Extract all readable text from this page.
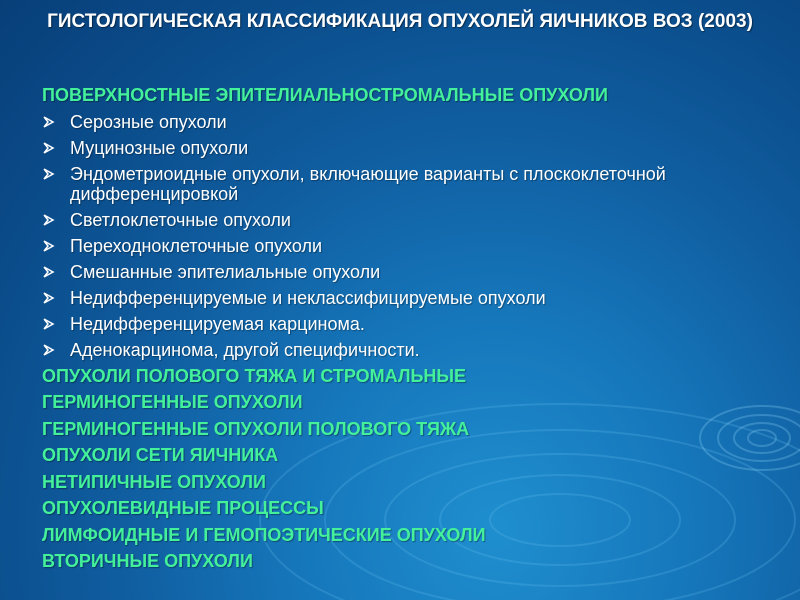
ГИСТОЛОГИЧЕСКАЯ КЛАССИФИКАЦИЯ ОПУХОЛЕЙ ЯИЧНИКОВ ВОЗ (2003)
ПОВЕРХНОСТНЫЕ ЭПИТЕЛИАЛЬНОСТРОМАЛЬНЫЕ ОПУХОЛИ
Серозные опухоли
Муцинозные опухоли
Эндометриоидные опухоли, включающие варианты с плоскоклеточной дифференцировкой
Светлоклеточные опухоли
Переходноклеточные опухоли
Смешанные эпителиальные опухоли
Недифференцируемые и неклассифицируемые опухоли
Недифференцируемая карцинома.
Аденокарцинома, другой специфичности.
ОПУХОЛИ ПОЛОВОГО ТЯЖА И СТРОМАЛЬНЫЕ
ГЕРМИНОГЕННЫЕ ОПУХОЛИ
ГЕРМИНОГЕННЫЕ ОПУХОЛИ ПОЛОВОГО ТЯЖА
ОПУХОЛИ СЕТИ ЯИЧНИКА
НЕТИПИЧНЫЕ ОПУХОЛИ
ОПУХОЛЕВИДНЫЕ ПРОЦЕССЫ
ЛИМФОИДНЫЕ И ГЕМОПОЭТИЧЕСКИЕ ОПУХОЛИ
ВТОРИЧНЫЕ ОПУХОЛИ
